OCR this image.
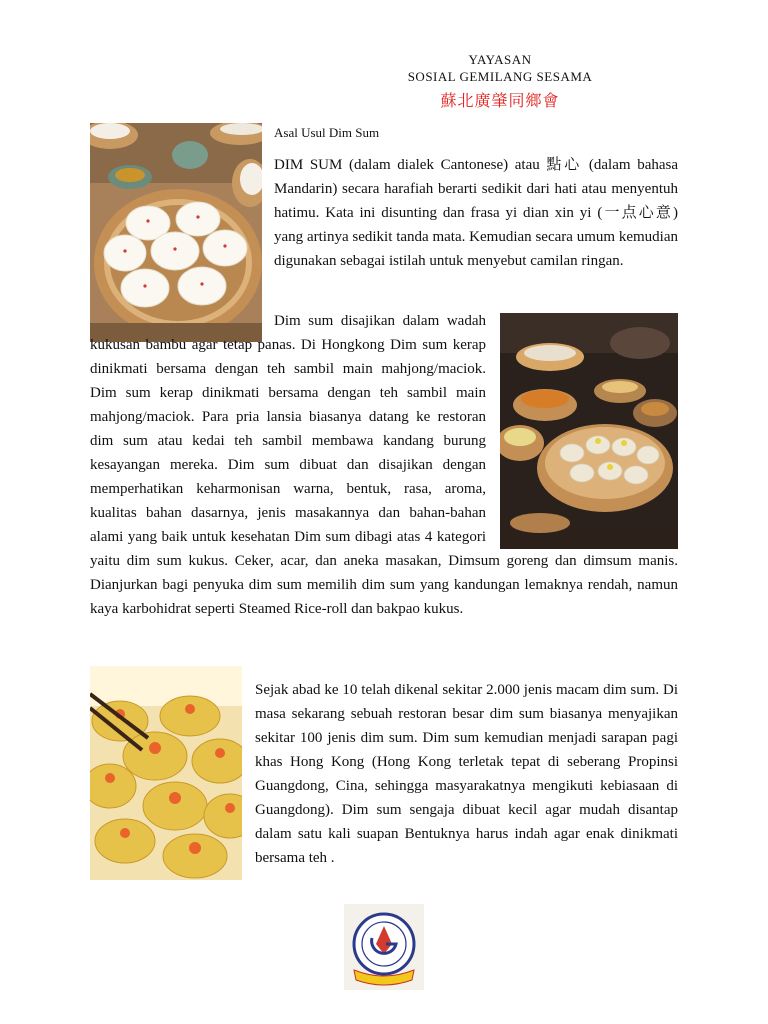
YAYASAN
SOSIAL GEMILANG SESAMA
蘇北廣肇同鄉會
Asal Usul Dim Sum

DIM SUM (dalam dialek Cantonese) atau 點心 (dalam bahasa Mandarin) secara harafiah berarti sedikit dari hati atau menyentuh hatimu. Kata ini disunting dan frasa yi dian xin yi (一点心意) yang artinya sedikit tanda mata. Kemudian secara umum kemudian digunakan sebagai istilah untuk menyebut camilan ringan.

Dim sum disajikan dalam wadah kukusan bambu agar tetap panas. Di Hongkong Dim sum kerap dinikmati bersama dengan teh sambil main mahjong/maciok. Dim sum kerap dinikmati bersama dengan teh sambil main mahjong/maciok. Para pria lansia biasanya datang ke restoran dim sum atau kedai teh sambil membawa kandang burung kesayangan mereka. Dim sum dibuat dan disajikan dengan memperhatikan keharmonisan warna, bentuk, rasa, aroma, kualitas bahan dasarnya, jenis masakannya dan bahan-bahan alami yang baik untuk kesehatan Dim sum dibagi atas 4 kategori yaitu dim sum kukus. Ceker, acar, dan aneka masakan, Dimsum goreng dan dimsum manis. Dianjurkan bagi penyuka dim sum memilih dim sum yang kandungan lemaknya rendah, namun kaya karbohidrat seperti Steamed Rice-roll dan bakpao kukus.

Sejak abad ke 10 telah dikenal sekitar 2.000 jenis macam dim sum. Di masa sekarang sebuah restoran besar dim sum biasanya menyajikan sekitar 100 jenis dim sum. Dim sum kemudian menjadi sarapan pagi khas Hong Kong (Hong Kong terletak tepat di seberang Propinsi Guangdong, Cina, sehingga masyarakatnya mengikuti kebiasaan di Guangdong). Dim sum sengaja dibuat kecil agar mudah disantap dalam satu kali suapan Bentuknya harus indah agar enak dinikmati bersama teh .
